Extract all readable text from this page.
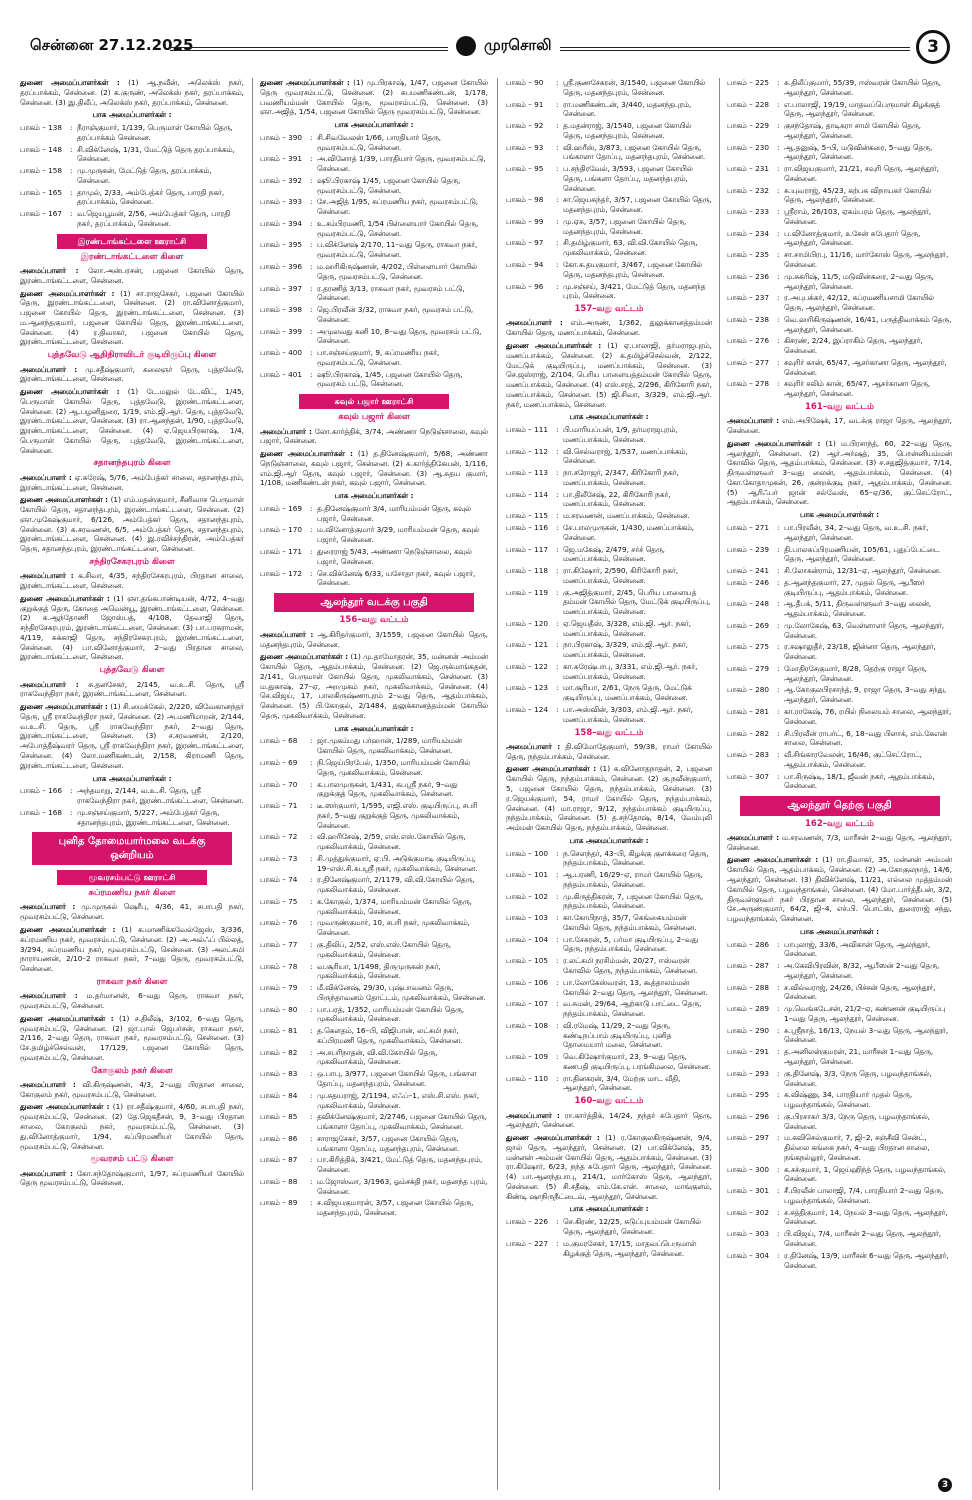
சென்னை 27.12.2025	முரசொலி	3
துணை அமைப்பாளர்கள் : (1) ஆ.நவீன், அலெக்ஸ் நகர், தரப்பாக்கம், சென்னை. (2) க.குருண், அலெக்ஸ் நகர், தரப்பாக்கம், சென்னை. (3) இ.திலீப், அலெக்ஸ் நகர், தரப்பாக்கம், சென்னை.
பாக அமைப்பாளர்கள் :
பாகம் – 138	: நீராஞ்குமார், 1/139, பெருமாள் கோயில் தெரு, தரப்பாக்கம் சென்னை.
பாகம் – 148	: சி.விக்னேஷ், 1/31, மேட்டுத் தெரு தரப்பாக்கம், சென்னை.
பாகம் – 158	: மு.முருகன், மேட்டுத் தெரு, தரப்பாக்கம், சென்னை.
பாகம் – 165	: தாமுல், 2/33, அம்பேத்கர் தெரு, பாரதி நகர், தரப்பாக்கம், சென்னை.
பாகம் – 167	: வ.ஜெயபூமன், 2/56, அம்பேத்கர் தெரு, பாரதி நகர், தரப்பாக்கம், சென்னை.
இரண்டாங்கட்டளை ஊராட்சி
இரண்டாங்கட்டளை கிளை
அமைப்பாளர் : லோ.அன்பரசன், பஜனை கோயில் தெரு, இரண்டாங்கட்டளை, சென்னை.
துணை அமைப்பாளர்கள் : (1) சா.ராஜசேகர், பஜனை கோயில் தெரு, இரண்டாங்கட்டளை, சென்னை. (2) ரா.வினோத்குமார், பஜனை கோயில் தெரு, இரண்டாங்கட்டளை, சென்னை. (3) ம.ஆனந்தகுமார், பஜனை கோயில் தெரு, இரண்டாங்கட்டளை, சென்னை. (4) ர.திவாகர், பஜனை கோயில் தெரு, இரண்டாங்கட்டளை, சென்னை.
புத்தவேடு ஆதிதிராவிடர் குடியிருப்பு கிளை
அமைப்பாளர் : மு.சதீஷ்குமார், கலைஞர் தெரு, புத்தவேடு, இரண்டாங்கட்டளை, சென்னை.
துணை அமைப்பாளர்கள் : (1) டே.மலுல் டே.விட், 1/45, பெருமாள் கோயில் தெரு, புத்தவேடு, இரண்டாங்கட்டளை, சென்னை. (2) ஆ.பழனிதுரை, 1/19, எம்.ஜி.ஆர். தெரு, புத்தவேடு, இரண்டாங்கட்டளை, சென்னை. (3) ரா.ஆனந்தன், 1/90, புத்தவேடு, இரண்டாங்கட்டளை, சென்னை. (4) ஏ.ஜெயபிரகாஷ், 1/4, பெருமாள் கோயில் தெரு, புத்தவேடு, இரண்டாங்கட்டளை, சென்னை.
சதானந்தபுரம் கிளை
அமைப்பாளர் : ஏ.சுரேஷ், 5/76, அம்பேத்கர் சாலை, சதானந்தபுரம், இரண்டாங்கட்டளை, சென்னை.
துணை அமைப்பாளர்கள் : (1) எம்.மதன்குமார், சீனிவாச பெருமாள் கோயில் தெரு, சதானந்தபுரம், இரண்டாங்கட்டளை, சென்னை. (2) ஞா.முகேஷ்குமார், 6/126, அம்பேத்கர் தெரு, சதானந்தபுரம், சென்னை. (3) சு.சரவணன், 6/5, அம்பேத்கர் தெரு, சதானந்தபுரம், இரண்டாங்கட்டளை, சென்னை. (4) இ.ரவிச்சந்திரன், அம்பேத்கர் தெரு, சதானந்தபுரம், இரண்டாங்கட்டளை, சென்னை.
சந்திரசேகரபுரம் கிளை
அமைப்பாளர் : க.சிவா, 4/35, சந்திரசேகரபுரம், பிரதான சாலை, இரண்டாங்கட்டளை, சென்னை.
துணை அமைப்பாளர்கள் : (1) ஞா.தங்கபாண்டியன், 4/72, 4–வது குறுக்குத் தெரு, கோதை அவென்யூ, இரண்டாங்கட்டளை, சென்னை. (2) க.ஆந்தோணி ஜோஸ்பத், 4/108, தேவாஜி தெரு, சந்திரசேகரபுரம், இரண்டாங்கட்டளை, சென்னை. (3) பா.பரசுராமன், 4/119, சுக்காஜி தெரு, சந்திரசேகரபுரம், இரண்டாங்கட்டளை, சென்னை. (4) பா.வினோத்குமார், 2–வது பிரதான சாலை, இரண்டாங்கட்டளை, சென்னை.
புத்தவேடு கிளை
அமைப்பாளர் : சு.தனசேகர், 2/145, வ.உ.சி. தெரு, ஸ்ரீ ராகவேந்திரா நகர், இரண்டாங்கட்டளை, சென்னை.
துணை அமைப்பாளர்கள் : (1) சி.மைக்கேல், 2/220, விவேகானந்தர் தெரு, ஸ்ரீ ராகவேந்திரா நகர், சென்னை. (2) அ.மணிமாறன், 2/144, வ.உ.சி. தெரு, ஸ்ரீ ராகவேந்திரா நகர், 2–வது தெரு, இரண்டாங்கட்டளை, சென்னை. (3) ச.சரவணன், 2/120, அபோத்தீஷ்வரர் தெரு, ஸ்ரீ ராகவேந்திரா நகர், இரண்டாங்கட்டளை, சென்னை. (4) லோ.மணிகண்டன், 2/158, கிராமணி தெரு, இரண்டாங்கட்டளை, சென்னை.
பாக அமைப்பாளர்கள் :
பாகம் – 166	: அந்தமாறு, 2/144, வ.உ.சி. தெரு, ஸ்ரீ ராகவேந்திரா நகர், இரண்டாங்கட்டளை, சென்னை.
பாகம் – 168	: மு.சஞ்சய்குமார், 5/227, அம்பேத்கர் தெரு, சதானந்தபுரம், இரண்டாங்கட்டளை, சென்னை.
புனித தோமையார்மலை வடக்கு ஒன்றியம்
மூவரசம்பட்டு ஊராட்சி
சுப்ரமணிய நகர் கிளை
அமைப்பாளர் : மு.முருகல் ஷெரீபு, 4/36, 41, சபாபதி நகர், மூவரசம்பட்டு, சென்னை.
துணை அமைப்பாளர்கள் : (1) க.மாணிக்கவேல்ஜேஸ், 3/336, சுப்ரமணிய நகர், மூவரசம்பட்டு, சென்னை. (2) அ.அல்ஃப் பில்லத், 3/294, சுப்ரமணிய நகர், மூவரசம்பட்டு, சென்னை. (3) அலட்சுமி நாராயணன், 2/10–2 ராகவா நகர், 7–வது தெரு, மூவரசம்பட்டு, சென்னை.
ராகவா நகர் கிளை
அமைப்பாளர் : ம.தர்மானன், 6–வது தெரு, ராகவா நகர், மூவரசம்பட்டு, சென்னை.
துணை அமைப்பாளர்கள் : (1) ச.திலீஷ், 3/102, 6–வது தெரு, மூவரசம்பட்டு, சென்னை. (2) ஜா.பால் ஜெபர்சன், ராகவா நகர், 2/116, 2–வது தெரு, ராகவா நகர், மூவரசம்பட்டு, சென்னை. (3) சே.தமிழ்ச்செல்வன், 17/129, பஜனை கோயில் தெரு, மூவரசம்பட்டு, சென்னை.
கோகுலம் நகர் கிளை
அமைப்பாளர் : வி.கிருஷ்ணன், 4/3, 2–வது பிரதான சாலை, கோகுலம் நகர், மூவரசம்பட்டு, சென்னை.
துணை அமைப்பாளர்கள் : (1) ரா.சதீஷ்குமார், 4/60, சபாபதி நகர், மூவரசம்பட்டு, சென்னை. (2) தே.ஜெகதீசன், 9, 3–வது பிரதான சாலை, கோகுலம் நகர், மூவரசம்பட்டு, சென்னை. (3) து.வினோத்குமார், 1/94, சுப்பிரமணியர் கோயில் தெரு, மூவரசம்பட்டு, சென்னை.
மூவரசம் பட்டு கிளை
அமைப்பாளர் : கோ.சந்தோஷ்குமார், 1/97, சுப்ரமணியர் கோயில் தெரு மூவரசம்பட்டு, சென்னை.
துணை அமைப்பாளர்கள் : (1) மு.பிரகாஷ், 1/47, பஜனை கோயில் தெரு மூவரசம்பட்டு, சென்னை. (2) சுபமணிகண்டன், 1/178, பவணியம்மன் கோயில் தெரு, மூவரசம்பட்டு, சென்னை. (3) ஞா.அஜித், 1/54, பஜனை கோயில் தெரு மூவரசம்பட்டு, சென்னை.
பாக அமைப்பாளர்கள் :
பாகம் – 390	: சி.சிவவேலன் 1/66, பாரதியார் தெரு, மூவரசம்பட்டு, சென்னை.
பாகம் – 391	: அ.வினோத் 1/39, பாரதியார் தெரு, மூவரசம்பட்டு, சென்னை.
பாகம் – 392	: ஷூ.பிரகாஷ் 1/45, பஜனை கோயில் தெரு, மூவரசம்பட்டு, சென்னை.
பாகம் – 393	: சே.அஜித் 1/95, சுப்ரமணிய நகர், மூவரசம்பட்டு, சென்னை.
பாகம் – 394	: உ.சம்பிரமணி, 1/54 பிள்ளையார் கோயில் தெரு, மூவரசம்பட்டு, சென்னை.
பாகம் – 395	: ப.விக்னேஷ் 2/170, 11–வது தெரு, ராகவா நகர், மூவரசம்பட்டு, சென்னை.
பாகம் – 396	: ம.ஹரிகிருஷ்ணன், 4/202, பிள்ளையார் கோயில் தெரு, மூவரசம்பட்டு, சென்னை.
பாகம் – 397	: ர.தரணித் 3/13, ராகவா நகர், மூவரசம் பட்டு, சென்னை.
பாகம் – 398	: ஜெ.பிரவீன் 3/32, ராகவா நகர், மூவரசம் பட்டு, சென்னை.
பாகம் – 399	: அமுலவது கனி 10, 8–வது தெரு, மூவரசம் பட்டு, சென்னை.
பாகம் – 400	: பா.சஞ்சய்குமார், 9, சுப்ரமணிய நகர், மூவரசம்பட்டு, சென்னை.
பாகம் – 401	: ஷூ.பிரகாஷ், 1/45, பஜனை கோயில் தெரு, மூவரசம் பட்டு, சென்னை.
கவுல் பஜார் ஊராட்சி
கவுல் பஜார் கிளை
அமைப்பாளர் : லோ.கார்த்திக், 3/74, அண்ணா நெடுஞ்சாலை, கவுல் பஜார், சென்னை.
துணை அமைப்பாளர்கள் : (1) த.தினேஷ்குமார், 5/68, அண்ணா நெடுஞ்சாலை, கவுல் பஜார், சென்னை. (2) சு.கார்த்திகேயன், 1/116, எம்.ஜி.ஆர் தெரு, கவுல் பஜார், சென்னை. (3) ஆ.சுதய குமார், 1/108, மணிகண்டன் நகர், கவுல் பஜார், சென்னை.
பாக அமைப்பாளர்கள் :
பாகம் – 169	: த.தினேஷ்குமார் 3/4, மாரியம்மன் தெரு, கவுல் பஜார், சென்னை.
பாகம் – 170	: ம.வினோத்குமார் 3/29, மாரியம்மன் தெரு, கவுல் பஜார், சென்னை.
பாகம் – 171	: துரைராஜ் 5/43, அண்ணா நெடுஞ்சாலை, கவுல் பஜார், சென்னை.
பாகம் – 172	: செ.விக்னேஷ் 6/33, யசோதா நகர், கவுல் பஜார், சென்னை.
ஆலந்தூர் வடக்கு பகுதி
156–வது வட்டம்
அமைப்பாளர் : ஆ.கிரிதர்குமார், 3/1559, பஜனை கோயில் தெரு, மதனந்தபுரம், சென்னை.
துணை அமைப்பாளர்கள் : (1) மு.தாமோதரன், 35, மன்னன் அம்மன் கோயில் தெரு, ஆதம்பாக்கம், சென்னை. (2) ஜெ.ருக்மாங்கதன், 2/141, பெருமாள் கோயில் தெரு, முகலிவாக்கம், சென்னை. (3) ம.துகாஷ், 27–ஏ, அறமுகம் நகர், முகலிவாக்கம், சென்னை. (4) செ.விஜய், 17, பாலகிருஷ்ணாபுரம் 2–வது தெரு, ஆதம்பாக்கம், சென்னை. (5) பி.கோகுல், 2/1484, துலுக்கானத்தம்மன் கோயில் தெரு, முகலிவாக்கம், சென்னை.
பாக அமைப்பாளர்கள் :
பாகம் – 68	: ஜா.முகம்மது பர்ஹான், 1/289, மாரியம்மன் கோயில் தெரு, முகலிவாக்கம், சென்னை.
பாகம் – 69	: நி.ஜெய்பிரபேல், 1/350, மாரியம்மன் கோயில் தெரு, முகலிவாக்கம், சென்னை.
பாகம் – 70	: க.பாலமுருகன், 1/431, சுபஸ்ரீ நகர், 9–வது குறுக்குத் தெரு, முகலிவாக்கம், சென்னை.
பாகம் – 71	: டீ.ஸர்குமார், 1/595, எஜி.எஸ். குடியிருப்பு, சபரி நகர், 5–வது குறுக்குத் தெரு, முகலிவாக்கம், சென்னை.
பாகம் – 72	: வி.ஹரிசேஷ், 2/59, எஸ்.எஸ்.கோயில் தெரு, முகலிவாக்கம், சென்னை.
பாகம் – 73	: சி.முத்துக்குமார், ஏ.பி. அடுக்குமாடி குடியிருப்பு, 19–எஸ்.சி.சுபஸ்ரீ நகர், முகலிவாக்கம், சென்னை.
பாகம் – 74	: ர.தினேஷ்குமார், 2/1179, வி.வி.கோயில் தெரு, முகலிவாக்கம், சென்னை.
பாகம் – 75	: க.கோகுல், 1/374, மாரியம்மன் கோயில் தெரு, முகலிவாக்கம், சென்னை.
பாகம் – 76	: முவருண்குமார், 10, சபரி நகர், முகலிவாக்கம், சென்னை.
பாகம் – 77	: கு.திலிப், 2/52, எஸ்.எஸ்.கோயில் தெரு, முகலிவாக்கம், சென்னை.
பாகம் – 78	: வ.சூரியா, 1/1498, திருமுருகன் நகர், முகலிவாக்கம், சென்னை.
பாகம் – 79	: மீ.விக்னேஷ், 29/30, புஷ்பாவனம் தெரு, பிருந்தாவனம் தோட்டம், முகலிவாக்கம், சென்னை.
பாகம் – 80	: பா.பரத், 1/352, மாரியம்மன் கோயில் தெரு, முகலிவாக்கம், சென்னை.
பாகம் – 81	: த.கௌதம், 16–பி, விஜிபான், லட்சுமி நகர், சுப்பிரமணி தெரு, முகலிவாக்கம், சென்னை.
பாகம் – 82	: அ.சபரிநாதன், வி.வி.கோயில் தெரு, முகலிவாக்கம், சென்னை.
பாகம் – 83	: ஒ.பாபு, 3/977, பஜனை கோயில் தெரு, பங்காள தோப்பு, மதனந்தபுரம், சென்னை.
பாகம் – 84	: மு.சுதயராஜ், 2/1194, எஃப்–1, எஸ்.சி.எஸ். நகர், முகலிவாக்கம், சென்னை.
பாகம் – 85	: தவிக்னேஷ்குமார், 2/2746, பஜனை கோயில் தெரு, பங்காளா தோப்பு, முகலிவாக்கம், சென்னை.
பாகம் – 86	: சாராஜசேகர், 3/57, பஜனை கோயில் தெரு, பங்காளா தோப்பு, மதனந்தபுரம், சென்னை.
பாகம் – 87	: பா.கிரித்திக், 3/421, மேட்டுத் தெரு, மதனந்தபுரம், சென்னை.
பாகம் – 88	: ம.ஜோஸ்வா, 3/1963, ஓம்சக்தி நகர், மதனந்த புரம், சென்னை.
பாகம் – 89	: ச.விஜயகுமாரன், 3/57, பஜனை கோயில் தெரு, மதனந்தபுரம், சென்னை.
பாகம் – 90	: ஸ்ரீ.குணசேகரன், 3/1540, பஜனை கோயில் தெரு, மதனந்தபுரம், சென்னை.
பாகம் – 91	: ரா.மணிகண்டன், 3/440, மதனந்தபுரம், சென்னை.
பாகம் – 92	: த.மதன்ராஜ், 3/1540, பஜனை கோயில் தெரு, மதனந்தபுரம், சென்னை.
பாகம் – 93	: வி.ஹரீஸ், 3/873, பஜனை கோயில் தெரு, பங்காளா தோப்பு, மதனந்தபுரம், சென்னை.
பாகம் – 95	: ப.சந்திரவேல், 3/593, பஜனை கோயில் தெரு, பங்களா தோப்பு, மதனந்தபுரம், சென்னை.
பாகம் – 98	: சா.ஜெயசுந்தர், 3/57, பஜனை கோயில் தெரு, மதனந்தபுரம், சென்னை.
பாகம் – 99	: மு.ஏசு, 3/57, பஜனை கோயில் தெரு, மதனந்தபுரம், சென்னை.
பாகம் – 97	: சி.தமிழ்குமார், 63, வி.வி.கோயில் தெரு, முகலிவாக்கம், சென்னை.
பாகம் – 94	: கோ.க.தயகுமார், 3/467, பஜனை கோயில் தெரு, மதனந்தபுரம், சென்னை.
பாகம் – 96	: மு.சஞ்சய், 3/421, மேட்டுத் தெரு, மதனந்த புரம், சென்னை.
157–வது வட்டம்
அமைப்பாளர் : எம்.அருண், 1/362, துலுக்கானத்தம்மன் கோயில் தெரு, மணப்பாக்கம், சென்னை.
துணை அமைப்பாளர்கள் : (1) ஏ.பாலாஜி, தர்மராஜபுரம், மணப்பாக்கம், சென்னை. (2) க.தமிழ்ச்செல்வன், 2/122, மேட்டுக் குடியிருப்பு, மணப்பாக்கம், சென்னை. (3) செ.ஜஸ்ராஜ், 2/104, பெரிய பாளையத்தம்மன் கோயில் தெரு, மணப்பாக்கம், சென்னை. (4) எஸ்.சரத், 2/296, கிரிகோரி நகர், மணப்பாக்கம், சென்னை. (5) ஜி.சிவா, 3/329, எம்.ஜி.ஆர். நகர், மணப்பாக்கம், சென்னை.
பாக அமைப்பாளர்கள் :
பாகம் – 111	: பி.மாரியப்பன், 1/9, தர்மராஜபுரம், மணப்பாக்கம், சென்னை.
பாகம் – 112	: வி.செல்வராஜ், 1/537, மணப்பாக்கம், சென்னை.
பாகம் – 113	: நா.சரோஜர், 2/347, கிரிகோரி நகர், மணப்பாக்கம், சென்னை.
பாகம் – 114	: பா.திலீசேஷ், 22, கிரிகோரி நகர், மணப்பாக்கம், சென்னை.
பாகம் – 115	: ம.சரவணன், மணப்பாக்கம், சென்னை.
பாகம் – 116	: சே.பாலமுருகன், 1/430, மணப்பாக்கம், சென்னை.
பாகம் – 117	: ஜெ.மகேஷ், 2/479, சர்ச் தெரு, மணப்பாக்கம், சென்னை.
பாகம் – 118	: ரா.கிஷோர், 2/590, கிரிகோரி நகர், மணப்பாக்கம், சென்னை.
பாகம் – 119	: கு.அஜித்குமார், 2/45, பெரிய பாளையத் தம்மன் கோயில் தெரு, மேட்டுக் குடியிருப்பு, மணப்பாக்கம், சென்னை.
பாகம் – 120	: ஏ.ஜெயதீஸ், 3/328, எம்.ஜி. ஆர். நகர், மணப்பாக்கம், சென்னை.
பாகம் – 121	: நா.பிரகாஷ், 3/329, எம்.ஜி.ஆர். நகர், மணப்பாக்கம், சென்னை.
பாகம் – 122	: கா.சுரேஷ்பாபு, 3/331, எம்.ஜி.ஆர். நகர், மணப்பாக்கம், சென்னை.
பாகம் – 123	: மா.சூரியா, 2/61, நேரு தெரு, மேட்டுக் குடியிருப்பு, மணப்பாக்கம், சென்னை.
பாகம் – 124	: பா.அஸ்வின், 3/303, எம்.ஜி.ஆர். நகர், மணப்பாக்கம், சென்னை.
158–வது வட்டம்
அமைப்பாளர் : தி.விமோதேகுமார், 59/38, ராமர் கோயில் தெரு, நந்தம்பாக்கம், சென்னை.
துணை அமைப்பாளர்கள் : (1) சு.வினோதநாதன், 2, பஜனை கோயில் தெரு, நந்தம்பாக்கம், சென்னை. (2) கு.நவீன்குமார், 5, பஜனை கோயில் தெரு, நந்தம்பாக்கம், சென்னை. (3) ர.ஜெயக்குமார், 54, ராமர் கோயில் தெரு, நந்தம்பாக்கம், சென்னை. (4) மா.ராஜா, 9/12, நந்தம்பாக்கம் குடியிருப்பு, நந்தம்பாக்கம், சென்னை. (5) த.சந்தோஷ், 8/14, வேம்புலி அம்மன் கோயில் தெரு, நந்தம்பாக்கம், சென்னை.
பாக அமைப்பாளர்கள் :
பாகம் – 100	: ந.சௌந்தர், 43–பி, கிழக்கு குளக்கரை தெரு, நந்தம்பாக்கம், சென்னை.
பாகம் – 101	: ஆ.பரணி, 16/29–ஏ, ராமர் கோயில் தெரு, நந்தம்பாக்கம், சென்னை.
பாகம் – 102	: மு.கிருத்திகரன், 7, பஜனை கோயில் தெரு, நந்தம்பாக்கம், சென்னை.
பாகம் – 103	: கா.கோபிநாத், 35/7, கெங்கையம்மன் கோயில் தெரு, நந்தம்பாக்கம், சென்னை.
பாகம் – 104	: பா.சேகரன், 5, பர்மா குடியிருப்பு, 2–வது தெரு, நந்தம்பாக்கம், சென்னை.
பாகம் – 105	: ர.லட்சுமி நரசிம்மன், 20/27, ஈஸ்வரன் கோவில் தெரு, நந்தம்பாக்கம், சென்னை.
பாகம் – 106	: பா.லோகேஸ்வரன், 13, கூத்தாலம்மன் கோயில் 2–வது தெரு, ஆலந்தூர், சென்னை.
பாகம் – 107	: வ.சுமன், 29/64, ஆற்காடு பாட்டை தெரு, நந்தம்பாக்கம், சென்னை.
பாகம் – 108	: வி.ரமேஷ், 11/29, 2–வது தெரு, கண்டிநப்பாம் குடியிருப்பு, புனித தோமையார் மலை, சென்னை.
பாகம் – 109	: வெ.கிஷோர்குமார், 23, 9–வது தெரு, கணபதி குடியிருப்பு, பரங்கிமலை, சென்னை.
பாகம் – 110	: ரா.தினகரன், 3/4, மேற்கு மாட வீதி, ஆலந்தூர், சென்னை.
160–வது வட்டம்
அமைப்பாளர் : ரா.கார்த்திக், 14/24, நந்தர் சுபேதார் தெரு, ஆலந்தூர், சென்னை.
துணை அமைப்பாளர்கள் : (1) ர.கோகுலகிருஷ்ணன், 9/4, ஜால் தெரு, ஆலந்தூர், சென்னை. (2) பா.விக்னேஷ், 35, மன்னன் அம்மன் கோயில் தெரு, ஆதம்பாக்கம், சென்னை. (3) ரா.கிஷோர், 6/23, நந்த சுபேதார் தெரு, ஆலந்தூர், சென்னை. (4) பா.ஆனந்தபாபு, 214/1, மார்கோஸ் தெரு, ஆலந்தூர், சென்னை. (5) சி.சதீஷ், எம்.கே.என். சாலை, மாங்குளம், கிண்டி ஷாநிருநீட்டைவ், ஆலந்தூர், சென்னை.
பாக அமைப்பாளர்கள் :
பாகம் – 226	: செ.கிரண், 12/25, சுடுப்புயம்மன் கோயில் தெரு, ஆலந்தூர், சென்னை.
பாகம் – 227	: ம.குமரசேகர், 17/15, மாதவப்பெருமாள் கிழக்குத் தெரு, ஆலந்தூர், சென்னை.
பாகம் – 225	: சு.திலீப்குமார், 55/39, ஈஸ்வரன் கோயில் தெரு, ஆலந்தூர், சென்னை.
பாகம் – 228	: எ.பாலாஜி, 19/19, மாதவப்பெருமாள் கிழக்குத் தெரு, ஆலந்தூர், சென்னை.
பாகம் – 229	: குசந்தோஷ், தாடிகரா சாமி கோயில் தெரு, ஆலந்தூர், சென்னை.
பாகம் – 230	: ஆ.தனுஷ், 5–பி, மடுவின்கரை, 5–வது தெரு, ஆலந்தூர், சென்னை.
பாகம் – 231	: ரா.விஜயகுமார், 21/21, சவுரி தெரு, ஆலந்தூர், சென்னை.
பாகம் – 232	: சு.யுவராஜ், 45/23, கற்பக விநாயகர் கோயில் தெரு, ஆலந்தூர், சென்னை.
பாகம் – 233	: ஸ்ரீராம், 26/103, ஏகம்பரம் தெரு, ஆலந்தூர், சென்னை.
பாகம் – 234	: ப.வினோத்குமார், உசேன் சுபேதார் தெரு, ஆலந்தூர், சென்னை.
பாகம் – 235	: சா.சாமிபிரபு, 11/16, மார்கோஸ் தெரு, ஆலந்தூர், சென்னை.
பாகம் – 236	: மு.சுகரிஷ், 11/5, மடுவின்கரை, 2–வது தெரு, ஆலந்தூர், சென்னை.
பாகம் – 237	: ர.அபுபக்கர், 42/12, சுப்ரமணியசாமி கோயில் தெரு, ஆலந்தூர், சென்னை.
பாகம் – 238	: வெ.ஹரிகிருஷ்ணன், 16/41, பருத்திவாக்கம் தெரு, ஆலந்தூர், சென்னை.
பாகம் – 276	: கிசரண், 2/24, இப்ராகிம் தெரு, ஆலந்தூர், சென்னை.
பாகம் – 277	: சவுரிர் கான், 65/47, ஆசர்கானா தெரு, ஆலந்தூர், சென்னை.
பாகம் – 278	: சவுரிர் சலிம் கான், 65/47, ஆசர்கானா தெரு, ஆலந்தூர், சென்னை.
161–வது வட்டம்
அமைப்பாளர் : எம்.அபிஷேக், 17, வடக்கு ராஜா தெரு, ஆலந்தூர், சென்னை.
துணை அமைப்பாளர்கள் : (1) ம.பிரசாந்த், 60, 22–வது தெரு, ஆலந்தூர், சென்னை. (2) ஆர்.அர்ஷத், 35, பொன்னியம்மன் கோவில் தெரு, ஆதம்பாக்கம், சென்னை. (3) ச.சதுஜித்குமார், 7/14, திருவள்ளுவர் 3–வது லைன், ஆதம்பாக்கம், சென்னை. (4) கோ.கோதாமுகன், 26, குன்றக்குடி நகர், ஆதம்பாக்கம், சென்னை. (5) ஆரிஃபர் ஜான் சல்வேஸ், 65–ஏ/36, குட்செட்ரோட், ஆதம்பாக்கம், சென்னை.
பாக அமைப்பாளர்கள் :
பாகம் – 271	: பா.பிரவீன், 34, 2–வது தெரு, வ.உ.சி. நகர், ஆலந்தூர், சென்னை.
பாகம் – 239	: தி.பாலசுப்பிரமணியன், 105/61, புதுப்பேட்டை தெரு, ஆலந்தூர், சென்னை.
பாகம் – 241	: சி.லோகன்ராம், 12/31–ஏ, ஆலந்தூர், சென்னை.
பாகம் – 246	: த.ஆனந்தகுமார், 27, முதல் தெரு, ஆபீஸர் குடியிருப்பு, ஆதம்பாக்கம், சென்னை.
பாகம் – 248	: ஆ.தீபக், 5/11, திருவள்ளுவர் 3–வது லைன், ஆதம்பாக்கம், சென்னை.
பாகம் – 269	: மு.லோகேஷ், 63, வெள்ளாளர் தெரு, ஆலந்தூர், சென்னை.
பாகம் – 275	: ர.சஷாலுதீர், 23/18, ஜின்னா தெரு, ஆலந்தூர், சென்னை.
பாகம் – 279	: மோதிரசேகுமார், 8/28, தெற்கு ராஜா தெரு, ஆலந்தூர், சென்னை.
பாகம் – 280	: ஆ.கோகுலபிரசாந்த், 9, ராஜா தெரு, 3–வது சந்து, ஆலந்தூர், சென்னை.
பாகம் – 281	: கா.ராகேஷ், 76, ரயில் நிலையம் சாலை, ஆலந்தூர், சென்னை.
பாகம் – 282	: சி.பிரவீன் ராபர்ட், 6, 18–வது பிளாக், எம்.கேஎன் சாலை, சென்னை.
பாகம் – 283	: வீ.சிங்காரவேலன், 16/46, குட்செட்ரோட், ஆதம்பாக்கம், சென்னை.
பாகம் – 307	: பா.சிருஷ்டி, 18/1, ஜீவன் நகர், ஆதம்பாக்கம், சென்னை.
ஆலந்தூர் தெற்கு பகுதி
162–வது வட்டம்
அமைப்பாளர் : ம.சரவணன், 7/3, மாரீசன் 2–வது தெரு, ஆலந்தூர், சென்னை.
துணை அமைப்பாளர்கள் : (1) ரா.திவாகர், 35, மன்னன் அம்மன் கோயில் தெரு, ஆதம்பாக்கம், சென்னை. (2) அ.கோகுலநாத், 14/6, ஆலந்தூர், சென்னை. (3) திவிக்னேஷ், 11/21, எல்லை முத்தம்மன் கோயில் தெரு, பழவந்தாங்கல், சென்னை. (4) மோ.பார்த்தீபன், 3/2, திருவள்ளுவர் நகர் பிரதான சாலை, ஆலந்தூர், சென்னை. (5) சே.அருண்குமார், 64/2, ஜி–4, எச்.பி. பொட்ஸ், துரைராஜ் சந்து, பழவந்தாங்கல், சென்னை.
பாக அமைப்பாளர்கள் :
பாகம் – 286	: பாபுலாஜ், 33/6, அவிகான் தெரு, ஆலந்தூர், சென்னை.
பாகம் – 287	: அ.கேவிபிரவின், 8/32, ஆபீஸன் 2–வது தெரு, ஆலந்தூர், சென்னை.
பாகம் – 288	: ச.வில்வராஜ், 24/26, பிச்சன் தெரு, ஆலந்தூர், சென்னை.
பாகம் – 289	: மு.வெங்கடேசன், 21/2–ஏ, கண்ணன் குடியிருப்பு 1–வது தெரு, ஆலந்தூர், சென்னை.
பாகம் – 290	: சு.ஸ்ரீநாத், 16/13, நேயல் 3–வது தெரு, ஆலந்தூர், சென்னை.
பாகம் – 291	: த.அனிலன்குமரன், 21, மாரீசன் 1–வது தெரு, ஆலந்தூர், சென்னை.
பாகம் – 293	: கு.தினேஷ், 3/3, நேரு தெரு, பழவந்தாங்கல், சென்னை.
பாகம் – 295	: க.விஷ்ணு, 34, பாரதியார் முதல் தெரு, பழவந்தாங்கல், சென்னை.
பாகம் – 296	: கு.பிரசாகர் 3/3, நேரு தெரு, பழவந்தாங்கல், சென்னை.
பாகம் – 297	: ம.கவிசெல்குமார், 7, ஜி–2, சஞ்சீவி சென்ட், தில்லை கங்கை நகர், 4–வது பிரதான சாலை, நங்கநல்லூர், சென்னை.
பாகம் – 300	: க.சச்குமார், 1, ஜெய்ஹிந்த் தெரு, பழவந்தாங்கல், சென்னை.
பாகம் – 301	: சீ.பிரவீன் பாலாஜி, 7/4, பாரதியார் 2–வது தெரு, பழவந்தாங்கல், சென்னை.
பாகம் – 302	: ச.சத்திகுமார், 14, நேயல் 3–வது தெரு, ஆலந்தூர், சென்னை.
பாகம் – 303	: பி.விஜய், 7/4, மாரீசன் 2–வது தெரு, ஆலந்தூர், சென்னை.
பாகம் – 304	: ர.தினேஷ், 13/9, மாரீசன் 6–வது தெரு, ஆலந்தூர், சென்னை.
3
